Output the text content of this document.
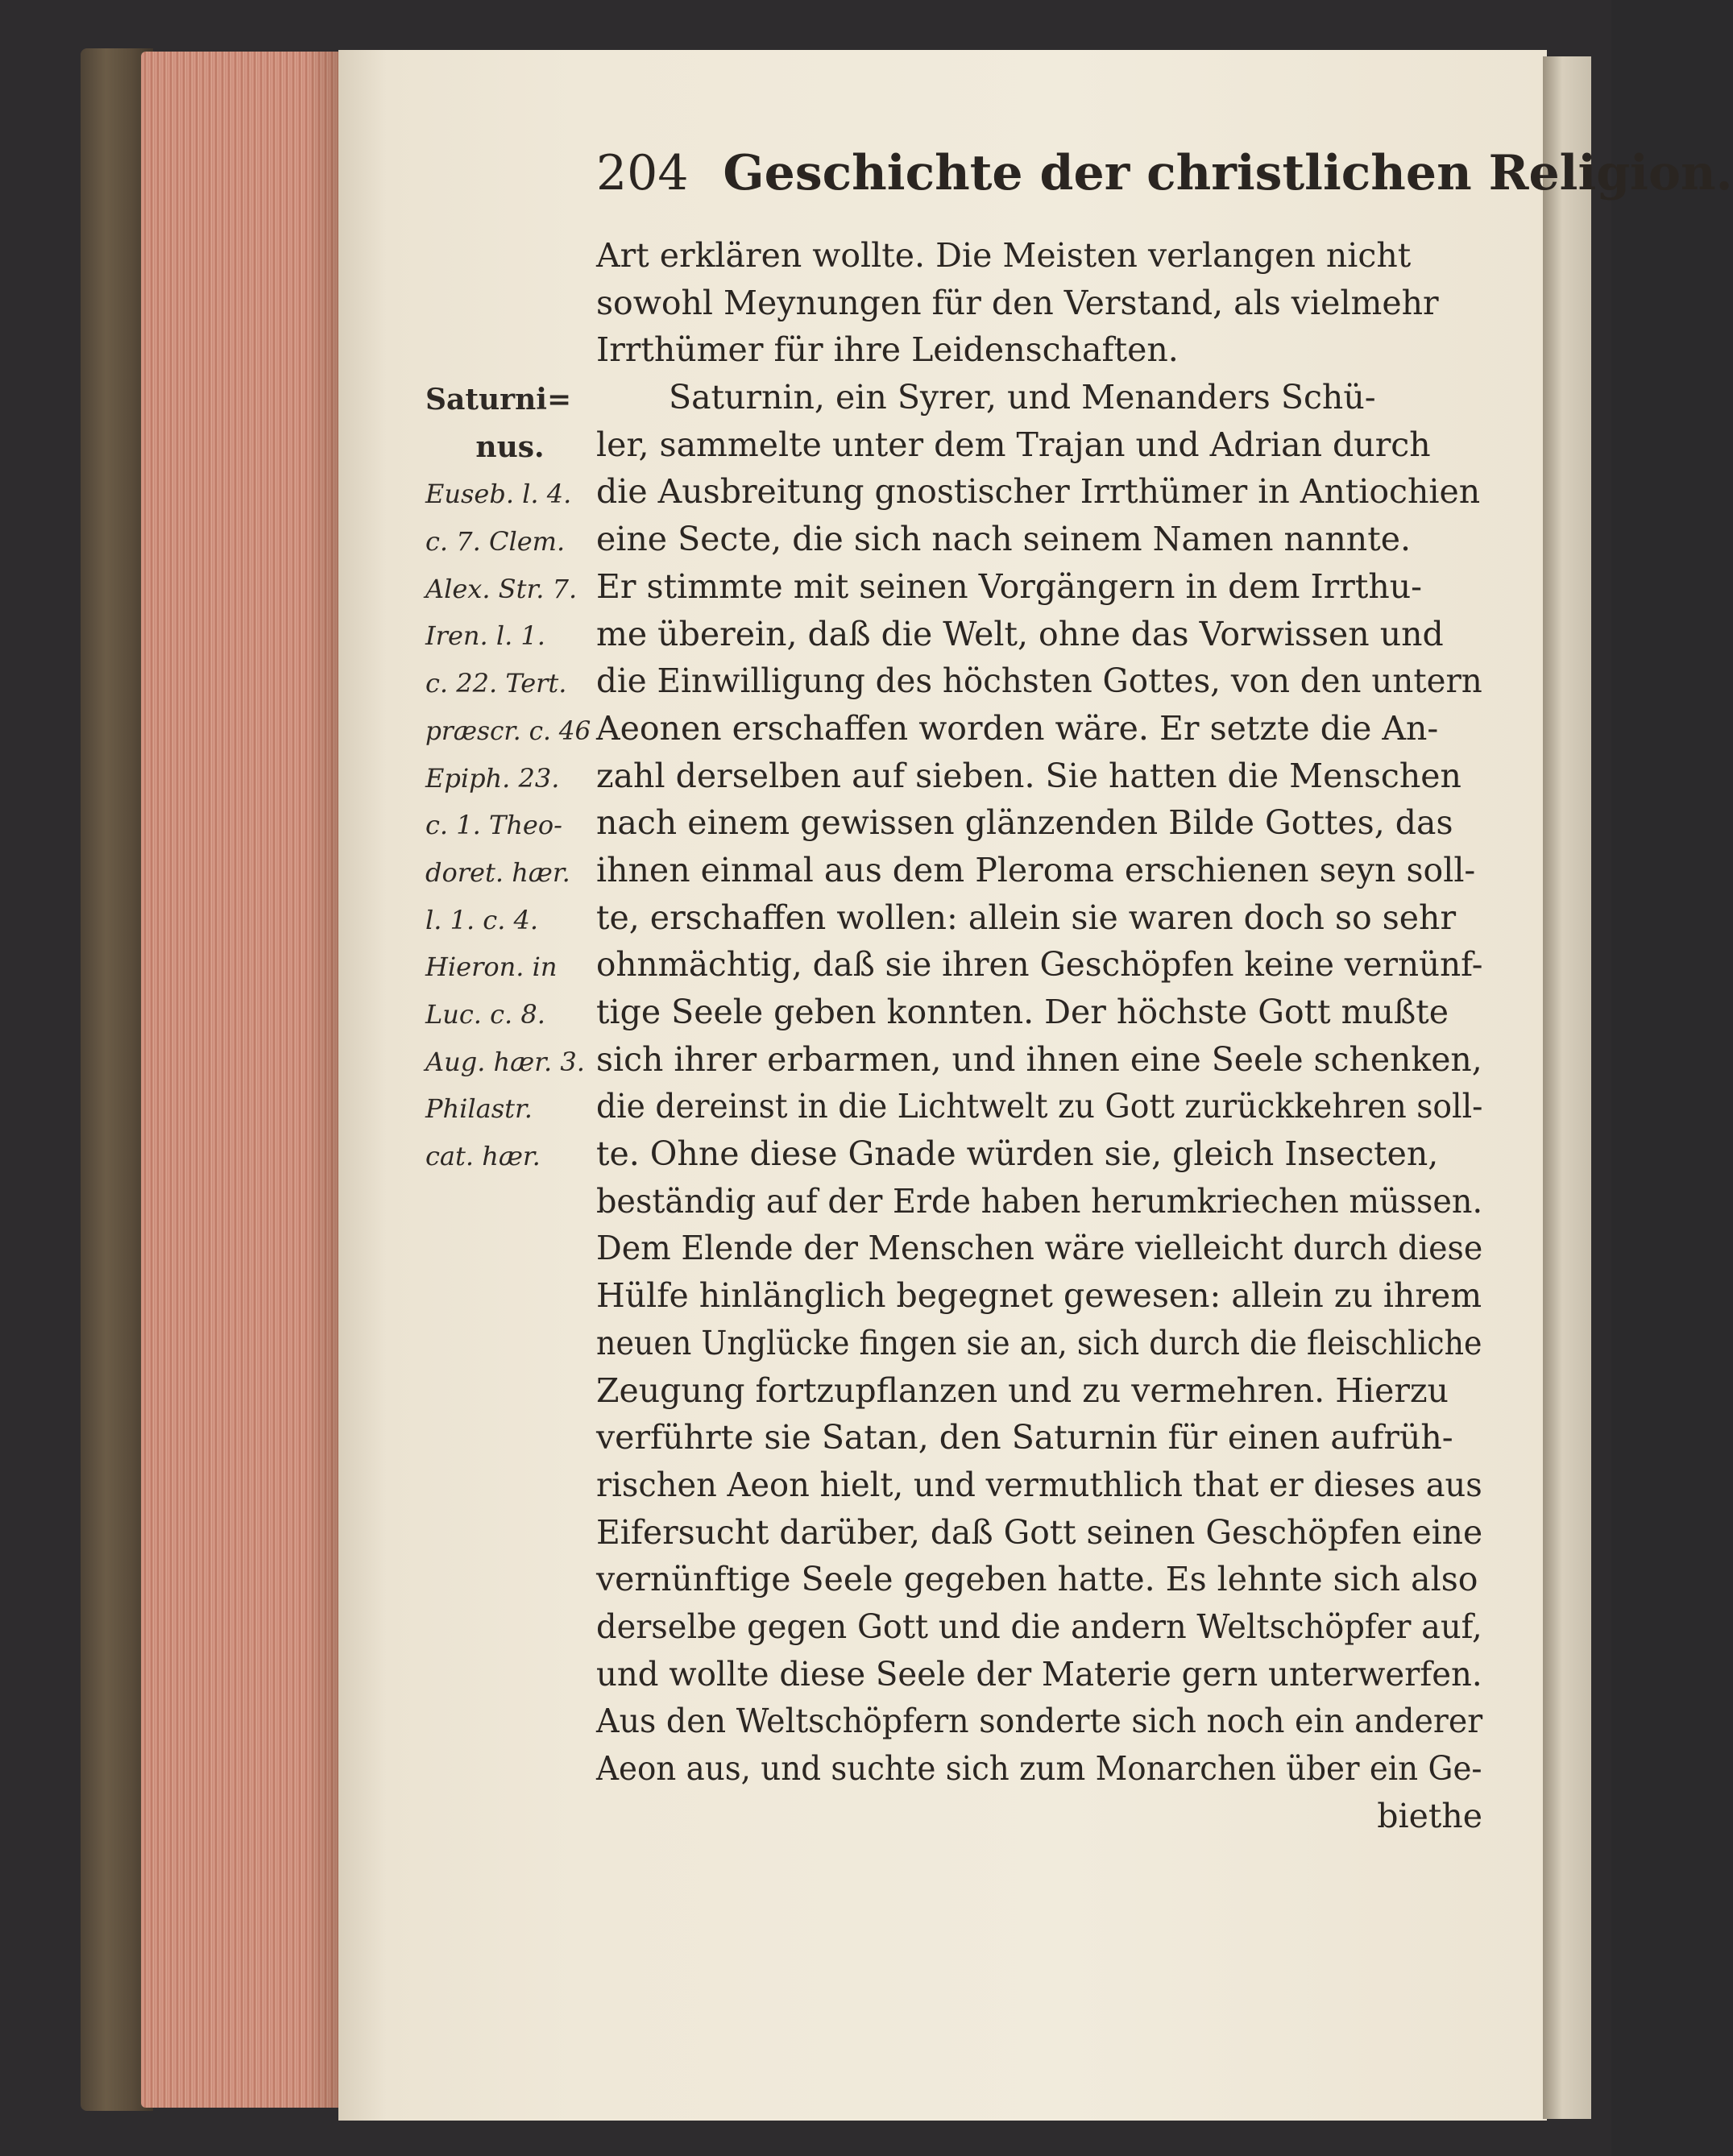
204 Geschichte der christlichen Religion.
Saturni=
nus.
Euseb. l. 4.
c. 7. Clem.
Alex. Str. 7.
Iren. l. 1.
c. 22. Tert.
præscr. c. 46
Epiph. 23.
c. 1. Theo-
doret. hær.
l. 1. c. 4.
Hieron. in
Luc. c. 8.
Aug. hær. 3.
Philastr.
cat. hær.
Art erklären wollte. Die Meisten verlangen nicht
sowohl Meynungen für den Verstand, als vielmehr
Irrthümer für ihre Leidenschaften.
Saturnin, ein Syrer, und Menanders Schü-
ler, sammelte unter dem Trajan und Adrian durch
die Ausbreitung gnostischer Irrthümer in Antiochien
eine Secte, die sich nach seinem Namen nannte.
Er stimmte mit seinen Vorgängern in dem Irrthu-
me überein, daß die Welt, ohne das Vorwissen und
die Einwilligung des höchsten Gottes, von den untern
Aeonen erschaffen worden wäre. Er setzte die An-
zahl derselben auf sieben. Sie hatten die Menschen
nach einem gewissen glänzenden Bilde Gottes, das
ihnen einmal aus dem Pleroma erschienen seyn soll-
te, erschaffen wollen: allein sie waren doch so sehr
ohnmächtig, daß sie ihren Geschöpfen keine vernünf-
tige Seele geben konnten. Der höchste Gott mußte
sich ihrer erbarmen, und ihnen eine Seele schenken,
die dereinst in die Lichtwelt zu Gott zurückkehren soll-
te. Ohne diese Gnade würden sie, gleich Insecten,
beständig auf der Erde haben herumkriechen müssen.
Dem Elende der Menschen wäre vielleicht durch diese
Hülfe hinlänglich begegnet gewesen: allein zu ihrem
neuen Unglücke fingen sie an, sich durch die fleischliche
Zeugung fortzupflanzen und zu vermehren. Hierzu
verführte sie Satan, den Saturnin für einen aufrüh-
rischen Aeon hielt, und vermuthlich that er dieses aus
Eifersucht darüber, daß Gott seinen Geschöpfen eine
vernünftige Seele gegeben hatte. Es lehnte sich also
derselbe gegen Gott und die andern Weltschöpfer auf,
und wollte diese Seele der Materie gern unterwerfen.
Aus den Weltschöpfern sonderte sich noch ein anderer
Aeon aus, und suchte sich zum Monarchen über ein Ge-
biethe
